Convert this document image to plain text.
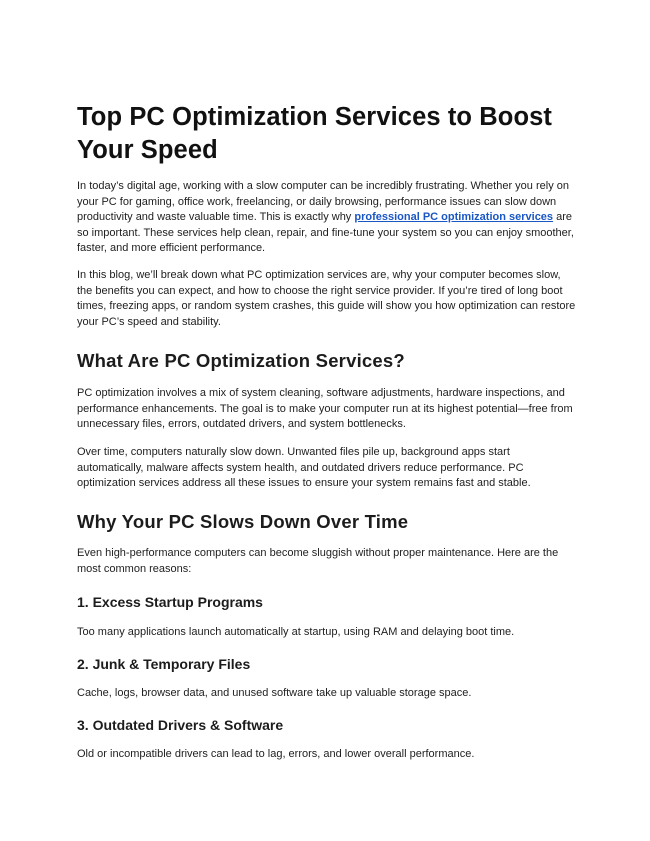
Top PC Optimization Services to Boost Your Speed

In today’s digital age, working with a slow computer can be incredibly frustrating. Whether you rely on your PC for gaming, office work, freelancing, or daily browsing, performance issues can slow down productivity and waste valuable time. This is exactly why professional PC optimization services are so important. These services help clean, repair, and fine-tune your system so you can enjoy smoother, faster, and more efficient performance.

In this blog, we’ll break down what PC optimization services are, why your computer becomes slow, the benefits you can expect, and how to choose the right service provider. If you’re tired of long boot times, freezing apps, or random system crashes, this guide will show you how optimization can restore your PC’s speed and stability.

What Are PC Optimization Services?

PC optimization involves a mix of system cleaning, software adjustments, hardware inspections, and performance enhancements. The goal is to make your computer run at its highest potential—free from unnecessary files, errors, outdated drivers, and system bottlenecks.

Over time, computers naturally slow down. Unwanted files pile up, background apps start automatically, malware affects system health, and outdated drivers reduce performance. PC optimization services address all these issues to ensure your system remains fast and stable.

Why Your PC Slows Down Over Time

Even high-performance computers can become sluggish without proper maintenance. Here are the most common reasons:

1. Excess Startup Programs

Too many applications launch automatically at startup, using RAM and delaying boot time.

2. Junk & Temporary Files

Cache, logs, browser data, and unused software take up valuable storage space.

3. Outdated Drivers & Software

Old or incompatible drivers can lead to lag, errors, and lower overall performance.
